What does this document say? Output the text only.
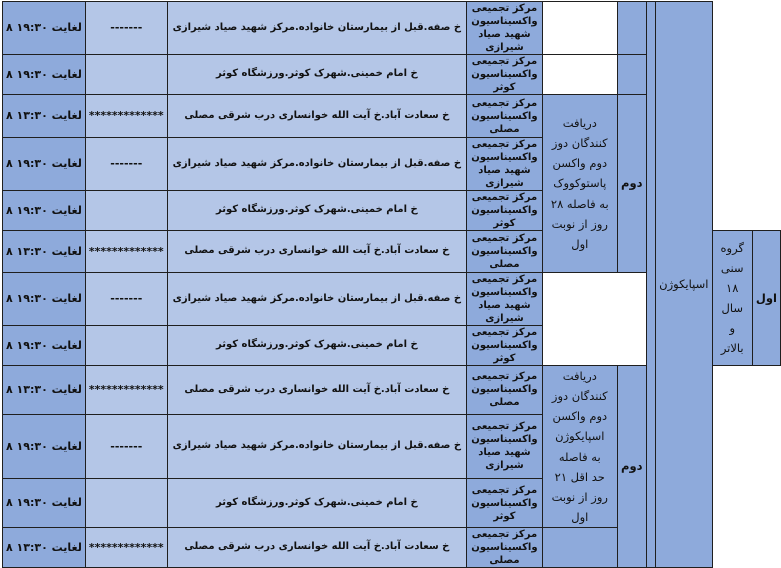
۸ لغایت ۱۹:۳۰	-------	خ صفه.قبل از بیمارستان خانواده.مرکز شهید صیاد شیرازی	مرکز تجمیعی واکسیناسیون شهید صیاد شیرازی				اسپایکوژن		
۸ لغایت ۱۹:۳۰		خ امام خمینی.شهرک کوثر.ورزشگاه کوثر	مرکز تجمیعی واکسیناسیون کوثر						
۸ لغایت ۱۳:۳۰	*************	خ سعادت آباد.خ آیت الله خوانساری درب شرقی مصلی	مرکز تجمیعی واکسیناسیون مصلی	دریافت کنندگان دوز دوم واکسن پاستوکووک به فاصله ۲۸ روز از نوبت اول	دوم				
۸ لغایت ۱۹:۳۰	-------	خ صفه.قبل از بیمارستان خانواده.مرکز شهید صیاد شیرازی	مرکز تجمیعی واکسیناسیون شهید صیاد شیرازی						
۸ لغایت ۱۹:۳۰		خ امام خمینی.شهرک کوثر.ورزشگاه کوثر	مرکز تجمیعی واکسیناسیون کوثر						
۸ لغایت ۱۳:۳۰	*************	خ سعادت آباد.خ آیت الله خوانساری درب شرقی مصلی	مرکز تجمیعی واکسیناسیون مصلی					گروه سنی ۱۸ سال و بالاتر	اول
۸ لغایت ۱۹:۳۰	-------	خ صفه.قبل از بیمارستان خانواده.مرکز شهید صیاد شیرازی	مرکز تجمیعی واکسیناسیون شهید صیاد شیرازی						
۸ لغایت ۱۹:۳۰		خ امام خمینی.شهرک کوثر.ورزشگاه کوثر	مرکز تجمیعی واکسیناسیون کوثر						
۸ لغایت ۱۳:۳۰	*************	خ سعادت آباد.خ آیت الله خوانساری درب شرقی مصلی	مرکز تجمیعی واکسیناسیون مصلی	دریافت کنندگان دوز دوم واکسن اسپایکوژن به فاصله حد اقل ۲۱ روز از نوبت اول	دوم				
۸ لغایت ۱۹:۳۰	-------	خ صفه.قبل از بیمارستان خانواده.مرکز شهید صیاد شیرازی	مرکز تجمیعی واکسیناسیون شهید صیاد شیرازی						
۸ لغایت ۱۹:۳۰		خ امام خمینی.شهرک کوثر.ورزشگاه کوثر	مرکز تجمیعی واکسیناسیون کوثر						
۸ لغایت ۱۳:۳۰	*************	خ سعادت آباد.خ آیت الله خوانساری درب شرقی مصلی	مرکز تجمیعی واکسیناسیون مصلی						
